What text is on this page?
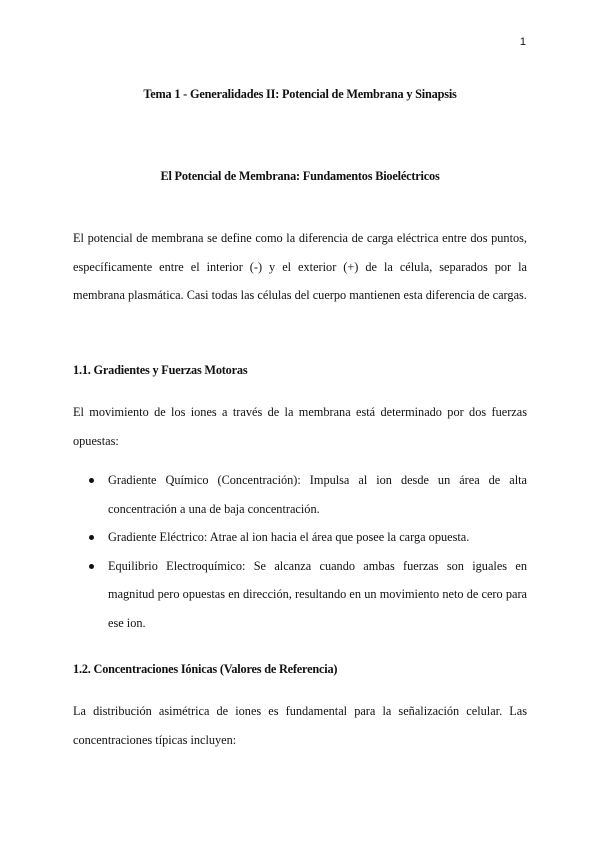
1
Tema 1 - Generalidades II: Potencial de Membrana y Sinapsis
El Potencial de Membrana: Fundamentos Bioeléctricos

El potencial de membrana se define como la diferencia de carga eléctrica entre dos puntos, específicamente entre el interior (-) y el exterior (+) de la célula, separados por la membrana plasmática. Casi todas las células del cuerpo mantienen esta diferencia de cargas.

1.1. Gradientes y Fuerzas Motoras

El movimiento de los iones a través de la membrana está determinado por dos fuerzas opuestas:

Gradiente Químico (Concentración): Impulsa al ion desde un área de alta concentración a una de baja concentración.
Gradiente Eléctrico: Atrae al ion hacia el área que posee la carga opuesta.
Equilibrio Electroquímico: Se alcanza cuando ambas fuerzas son iguales en magnitud pero opuestas en dirección, resultando en un movimiento neto de cero para ese ion.
1.2. Concentraciones Iónicas (Valores de Referencia)

La distribución asimétrica de iones es fundamental para la señalización celular. Las concentraciones típicas incluyen:
